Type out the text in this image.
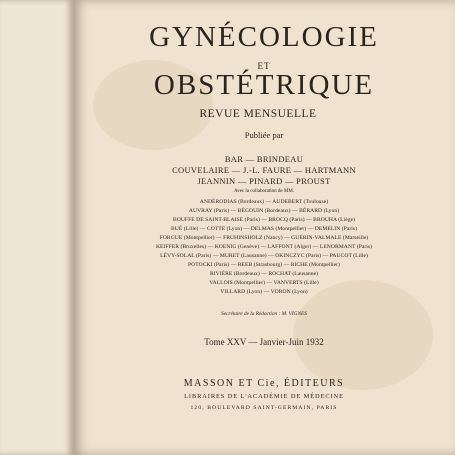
GYNÉCOLOGIE
ET
OBSTÉTRIQUE
REVUE MENSUELLE
Publiée par
BAR — BRINDEAU
COUVELAIRE — J.-L. FAURE — HARTMANN
JEANNIN — PINARD — PROUST
Avec la collaboration de MM.
ANDÉRODIAS (Bordeaux) — AUDEBERT (Toulouse)
AUVRAY (Paris) — BÉGOUIN (Bordeaux) — BÉRARD (Lyon)
BOUFFE DE SAINT-BLAISE (Paris) — BROCQ (Paris) — BROUHA (Liège)
BUÉ (Lille) — COTTE (Lyon) — DELMAS (Montpellier) — DEMELIN (Paris)
FORGUE (Montpellier) — FRUHINSHOLZ (Nancy) — GUÉRIN-VALMALE (Marseille)
KEIFFER (Bruxelles) — KOENIG (Genève) — LAFFONT (Alger) — LENORMANT (Paris)
LÉVY-SOLAL (Paris) — MURET (Lausanne) — OKINCZYC (Paris) — PAUCOT (Lille)
POTOCKI (Paris) — REEB (Strasbourg) — RICHE (Montpellier)
RIVIÈRE (Bordeaux) — ROCHAT (Lausanne)
VALLOIS (Montpellier) — VANVERTS (Lille)
VILLARD (Lyon) — VORON (Lyon)
Secrétaire de la Rédaction : M. VIGNES
Tome XXV — Janvier-Juin 1932
MASSON ET Cie, ÉDITEURS
LIBRAIRES DE L'ACADÉMIE DE MÉDECINE
120, BOULEVARD SAINT-GERMAIN, PARIS
